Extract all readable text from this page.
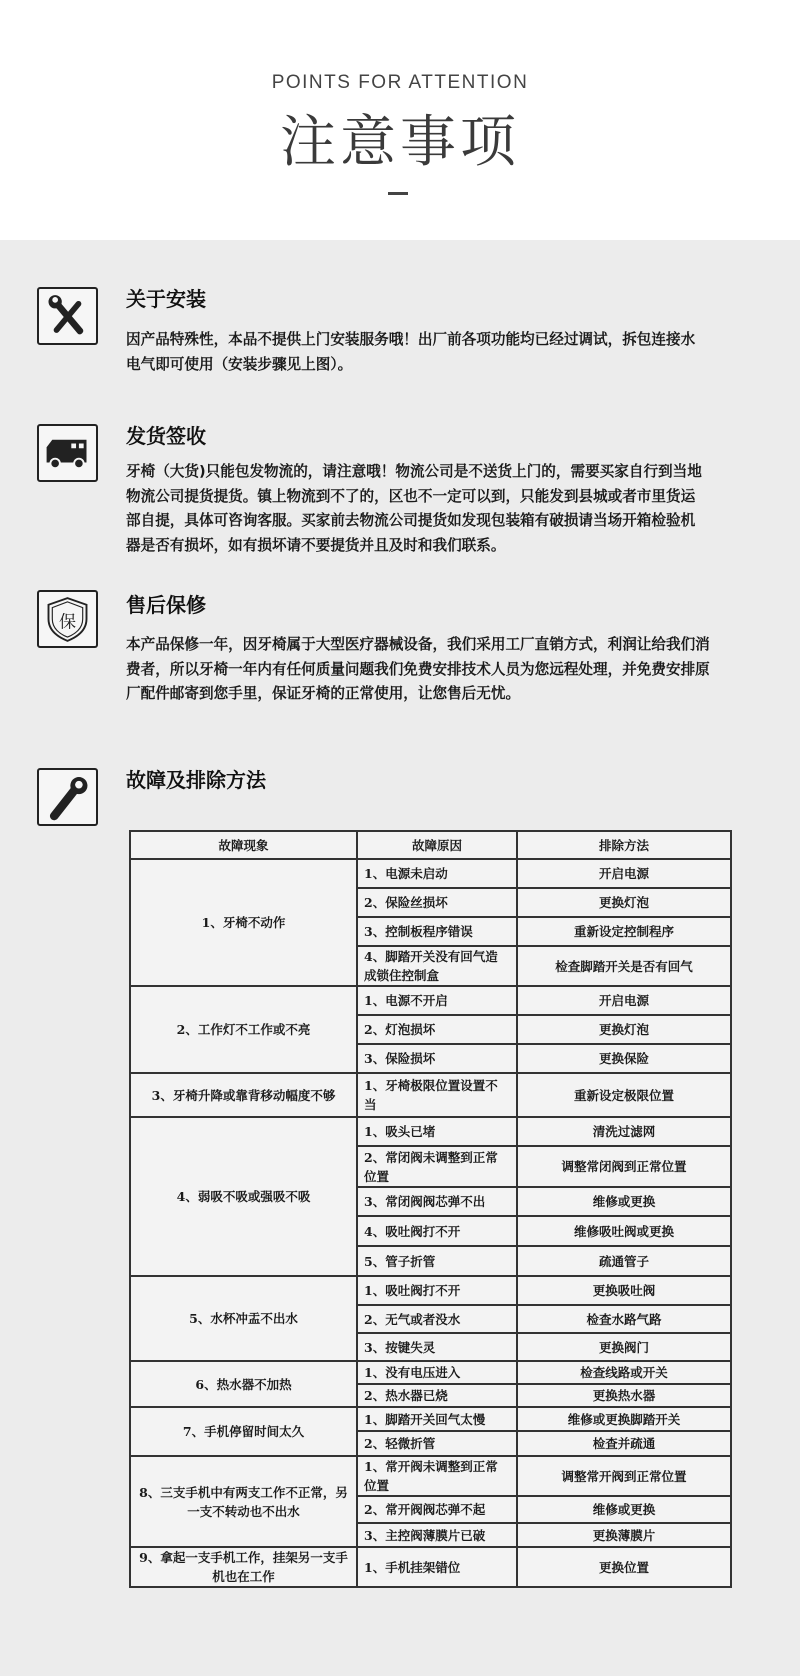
POINTS FOR ATTENTION
注意事项
关于安装
因产品特殊性，本品不提供上门安装服务哦！出厂前各项功能均已经过调试，拆包连接水
电气即可使用（安装步骤见上图）。
发货签收
牙椅（大货)只能包发物流的，请注意哦！物流公司是不送货上门的，需要买家自行到当地
物流公司提货提货。镇上物流到不了的，区也不一定可以到，只能发到县城或者市里货运
部自提，具体可咨询客服。买家前去物流公司提货如发现包装箱有破损请当场开箱检验机
器是否有损坏，如有损坏请不要提货并且及时和我们联系。
保
售后保修
本产品保修一年，因牙椅属于大型医疗器械设备，我们采用工厂直销方式，利润让给我们消
费者，所以牙椅一年内有任何质量问题我们免费安排技术人员为您远程处理，并免费安排原
厂配件邮寄到您手里，保证牙椅的正常使用，让您售后无忧。
故障及排除方法
故障现象	故障原因	排除方法
1、牙椅不动作	1、电源未启动	开启电源
	2、保险丝损坏	更换灯泡
	3、控制板程序错误	重新设定控制程序
	4、脚踏开关没有回气造成锁住控制盒	检查脚踏开关是否有回气
2、工作灯不工作或不亮	1、电源不开启	开启电源
	2、灯泡损坏	更换灯泡
	3、保险损坏	更换保险
3、牙椅升降或靠背移动幅度不够	1、牙椅极限位置设置不当	重新设定极限位置
4、弱吸不吸或强吸不吸	1、吸头已堵	清洗过滤网
	2、常闭阀未调整到正常位置	调整常闭阀到正常位置
	3、常闭阀阀芯弹不出	维修或更换
	4、吸吐阀打不开	维修吸吐阀或更换
	5、管子折管	疏通管子
5、水杯冲盂不出水	1、吸吐阀打不开	更换吸吐阀
	2、无气或者没水	检查水路气路
	3、按键失灵	更换阀门
6、热水器不加热	1、没有电压进入	检查线路或开关
	2、热水器已烧	更换热水器
7、手机停留时间太久	1、脚踏开关回气太慢	维修或更换脚踏开关
	2、轻微折管	检查并疏通
8、三支手机中有两支工作不正常，另一支不转动也不出水	1、常开阀未调整到正常位置	调整常开阀到正常位置
	2、常开阀阀芯弹不起	维修或更换
	3、主控阀薄膜片已破	更换薄膜片
9、拿起一支手机工作，挂架另一支手机也在工作	1、手机挂架错位	更换位置
